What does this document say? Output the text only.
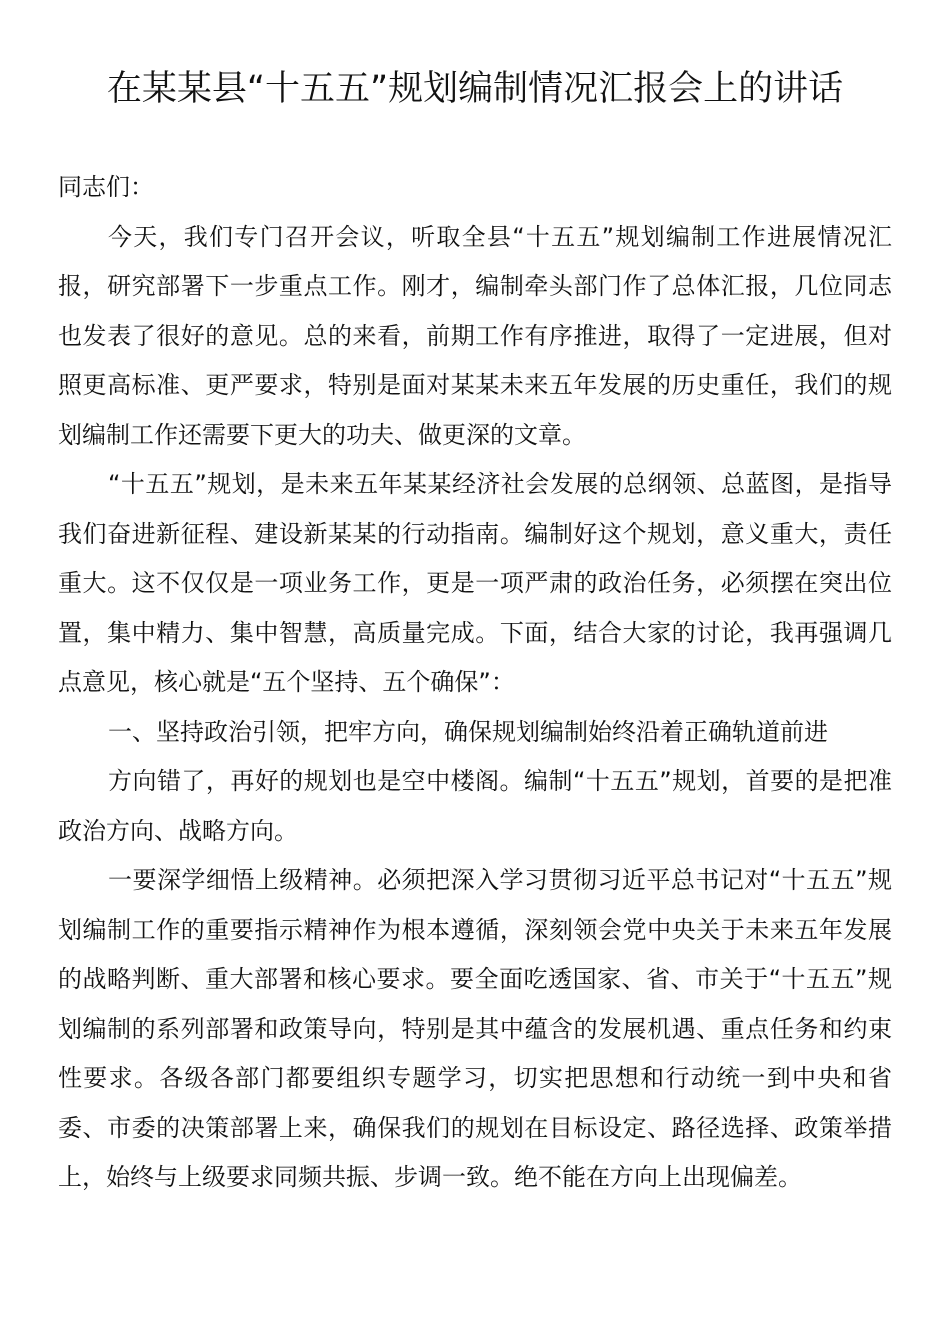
在某某县“十五五”规划编制情况汇报会上的讲话

同志们：

今天，我们专门召开会议，听取全县“十五五”规划编制工作进展情况汇报，研究部署下一步重点工作。刚才，编制牵头部门作了总体汇报，几位同志也发表了很好的意见。总的来看，前期工作有序推进，取得了一定进展，但对照更高标准、更严要求，特别是面对某某未来五年发展的历史重任，我们的规划编制工作还需要下更大的功夫、做更深的文章。

“十五五”规划，是未来五年某某经济社会发展的总纲领、总蓝图，是指导我们奋进新征程、建设新某某的行动指南。编制好这个规划，意义重大，责任重大。这不仅仅是一项业务工作，更是一项严肃的政治任务，必须摆在突出位置，集中精力、集中智慧，高质量完成。下面，结合大家的讨论，我再强调几点意见，核心就是“五个坚持、五个确保”：

一、坚持政治引领，把牢方向，确保规划编制始终沿着正确轨道前进

方向错了，再好的规划也是空中楼阁。编制“十五五”规划，首要的是把准政治方向、战略方向。

一要深学细悟上级精神。必须把深入学习贯彻习近平总书记对“十五五”规划编制工作的重要指示精神作为根本遵循，深刻领会党中央关于未来五年发展的战略判断、重大部署和核心要求。要全面吃透国家、省、市关于“十五五”规划编制的系列部署和政策导向，特别是其中蕴含的发展机遇、重点任务和约束性要求。各级各部门都要组织专题学习，切实把思想和行动统一到中央和省委、市委的决策部署上来，确保我们的规划在目标设定、路径选择、政策举措上，始终与上级要求同频共振、步调一致。绝不能在方向上出现偏差。
